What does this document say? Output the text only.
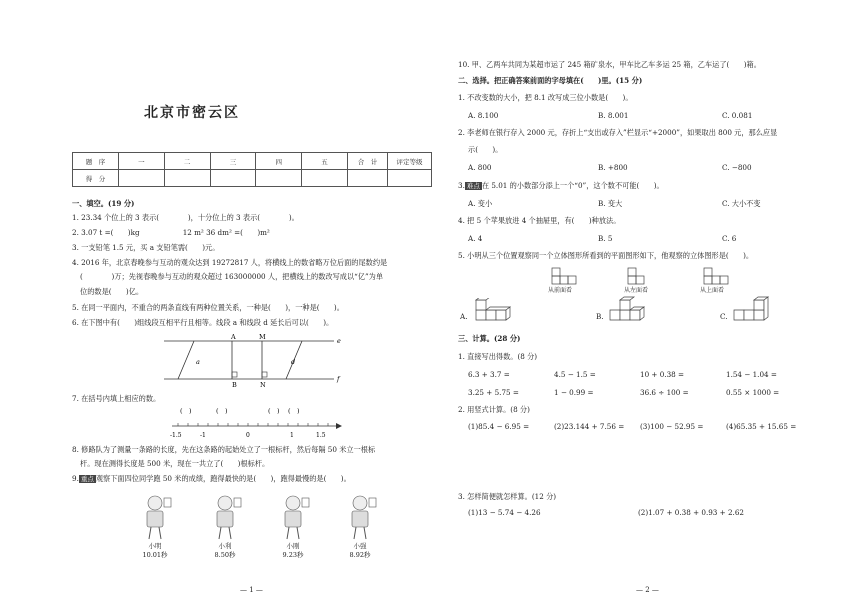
北京市密云区
题　序	一	二	三	四	五	合　计	评定等级
得　分							
一、填空。(19 分)
1. 23.34 个位上的 3 表示(　　　　)，十分位上的 3 表示(　　　　)。
2. 3.07 t =(　　)kg　　　　　　12 m² 36 dm² =(　　)m²
3. 一支铅笔 1.5 元，买 a 支铅笔需(　　)元。
4. 2016 年，北京春晚参与互动的观众达到 19272817 人，将横线上的数省略万位后面的尾数约是
(　　　　)万；先视春晚参与互动的观众超过 163000000 人，把横线上的数改写成以“亿”为单
位的数是(　　)亿。
5. 在同一平面内，不重合的两条直线有两种位置关系，一种是(　　)，一种是(　　)。
6. 在下图中有(　　)组线段互相平行且相等。线段 a 和线段 d 延长后可以(　　)。
A	M
B	N
a	d
e
f
7. 在括号内填上相应的数。
(　)	(　)	(　) (　)
-1.5	-1	0	1	1.5
8. 修路队为了测量一条路的长度，先在这条路的起始处立了一根标杆，然后每隔 50 米立一根标
杆。现在测得长度是 500 米，现在一共立了(　　)根标杆。
9. 重点 观察下面四位同学跑 50 米的成绩，跑得最快的是(　　)，跑得最慢的是(　　)。
小明
10.01秒
小利
8.50秒
小刚
9.23秒
小强
8.92秒
— 1 —
10. 甲、乙两车共同为某超市运了 245 箱矿泉水，甲车比乙车多运 25 箱，乙车运了(　　)箱。
二、选择。把正确答案前面的字母填在(　　)里。(15 分)
1. 不改变数的大小，把 8.1 改写成三位小数是(　　)。
A. 8.100	B. 8.001	C. 0.081
2. 李老师在银行存入 2000 元，存折上“支出或存入”栏显示“+2000”，如果取出 800 元，那么应显
示(　　)。
A. 800	B. +800	C. −800
3. 难点 在 5.01 的小数部分添上一个“0”，这个数不可能(　　)。
A. 变小	B. 变大	C. 大小不变
4. 把 5 个苹果放进 4 个抽屉里，有(　　)种放法。
A. 4	B. 5	C. 6
5. 小明从三个位置观察同一个立体图形所看到的平面图形如下，他观察的立体图形是(　　)。
从前面看	从左面看	从上面看
A.	B.	C.
三、计算。(28 分)
1. 直接写出得数。(8 分)
6.3 + 3.7 =	4.5 − 1.5 =	10 + 0.38 =	1.54 − 1.04 =
3.25 + 5.75 =	1 − 0.99 =	36.6 ÷ 100 =	0.55 × 1000 =
2. 用竖式计算。(8 分)
(1)85.4 − 6.95 =	(2)23.144 + 7.56 = (3)100 − 52.95 =	(4)65.35 + 15.65 =
3. 怎样简便就怎样算。(12 分)
(1)13 − 5.74 − 4.26	(2)1.07 + 0.38 + 0.93 + 2.62
— 2 —
